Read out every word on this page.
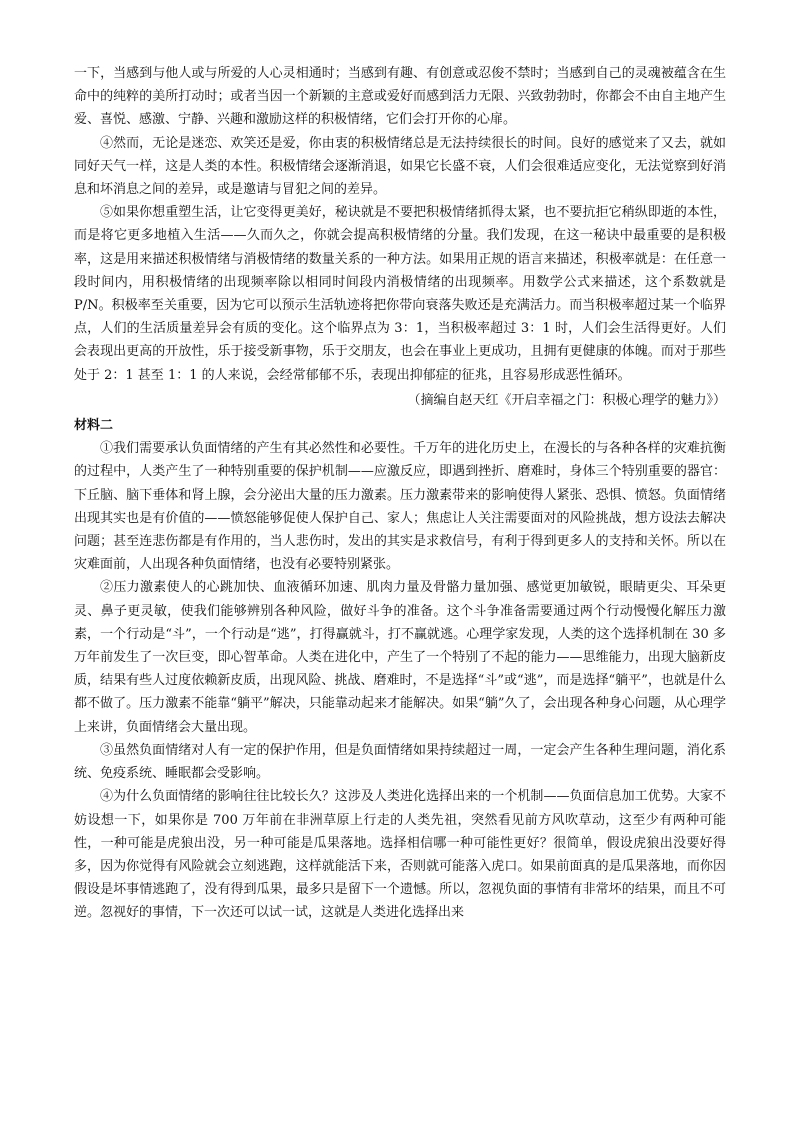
一下，当感到与他人或与所爱的人心灵相通时；当感到有趣、有创意或忍俊不禁时；当感到自己的灵魂被蕴含在生命中的纯粹的美所打动时；或者当因一个新颖的主意或爱好而感到活力无限、兴致勃勃时，你都会不由自主地产生爱、喜悦、感激、宁静、兴趣和激励这样的积极情绪，它们会打开你的心扉。

④然而，无论是迷恋、欢笑还是爱，你由衷的积极情绪总是无法持续很长的时间。良好的感觉来了又去，就如同好天气一样，这是人类的本性。积极情绪会逐渐消退，如果它长盛不衰，人们会很难适应变化，无法觉察到好消息和坏消息之间的差异，或是邀请与冒犯之间的差异。

⑤如果你想重塑生活，让它变得更美好，秘诀就是不要把积极情绪抓得太紧，也不要抗拒它稍纵即逝的本性，而是将它更多地植入生活——久而久之，你就会提高积极情绪的分量。我们发现，在这一秘诀中最重要的是积极率，这是用来描述积极情绪与消极情绪的数量关系的一种方法。如果用正规的语言来描述，积极率就是：在任意一段时间内，用积极情绪的出现频率除以相同时间段内消极情绪的出现频率。用数学公式来描述，这个系数就是 P/N。积极率至关重要，因为它可以预示生活轨迹将把你带向衰落失败还是充满活力。而当积极率超过某一个临界点，人们的生活质量差异会有质的变化。这个临界点为 3：1，当积极率超过 3：1 时，人们会生活得更好。人们会表现出更高的开放性，乐于接受新事物，乐于交朋友，也会在事业上更成功，且拥有更健康的体魄。而对于那些处于 2：1 甚至 1：1 的人来说，会经常郁郁不乐，表现出抑郁症的征兆，且容易形成恶性循环。

（摘编自赵天红《开启幸福之门：积极心理学的魅力》）

材料二

①我们需要承认负面情绪的产生有其必然性和必要性。千万年的进化历史上，在漫长的与各种各样的灾难抗衡的过程中，人类产生了一种特别重要的保护机制——应激反应，即遇到挫折、磨难时，身体三个特别重要的器官：下丘脑、脑下垂体和肾上腺，会分泌出大量的压力激素。压力激素带来的影响使得人紧张、恐惧、愤怒。负面情绪出现其实也是有价值的——愤怒能够促使人保护自己、家人；焦虑让人关注需要面对的风险挑战，想方设法去解决问题；甚至连悲伤都是有作用的，当人悲伤时，发出的其实是求救信号，有利于得到更多人的支持和关怀。所以在灾难面前，人出现各种负面情绪，也没有必要特别紧张。

②压力激素使人的心跳加快、血液循环加速、肌肉力量及骨骼力量加强、感觉更加敏锐，眼睛更尖、耳朵更灵、鼻子更灵敏，使我们能够辨别各种风险，做好斗争的准备。这个斗争准备需要通过两个行动慢慢化解压力激素，一个行动是“斗”，一个行动是“逃”，打得赢就斗，打不赢就逃。心理学家发现，人类的这个选择机制在 30 多万年前发生了一次巨变，即心智革命。人类在进化中，产生了一个特别了不起的能力——思维能力，出现大脑新皮质，结果有些人过度依赖新皮质，出现风险、挑战、磨难时，不是选择“斗”或“逃”，而是选择“躺平”，也就是什么都不做了。压力激素不能靠“躺平”解决，只能靠动起来才能解决。如果“躺”久了，会出现各种身心问题，从心理学上来讲，负面情绪会大量出现。

③虽然负面情绪对人有一定的保护作用，但是负面情绪如果持续超过一周，一定会产生各种生理问题，消化系统、免疫系统、睡眠都会受影响。

④为什么负面情绪的影响往往比较长久？这涉及人类进化选择出来的一个机制——负面信息加工优势。大家不妨设想一下，如果你是 700 万年前在非洲草原上行走的人类先祖，突然看见前方风吹草动，这至少有两种可能性，一种可能是虎狼出没，另一种可能是瓜果落地。选择相信哪一种可能性更好？很简单，假设虎狼出没要好得多，因为你觉得有风险就会立刻逃跑，这样就能活下来，否则就可能落入虎口。如果前面真的是瓜果落地，而你因假设是坏事情逃跑了，没有得到瓜果，最多只是留下一个遗憾。所以，忽视负面的事情有非常坏的结果，而且不可逆。忽视好的事情，下一次还可以试一试，这就是人类进化选择出来
